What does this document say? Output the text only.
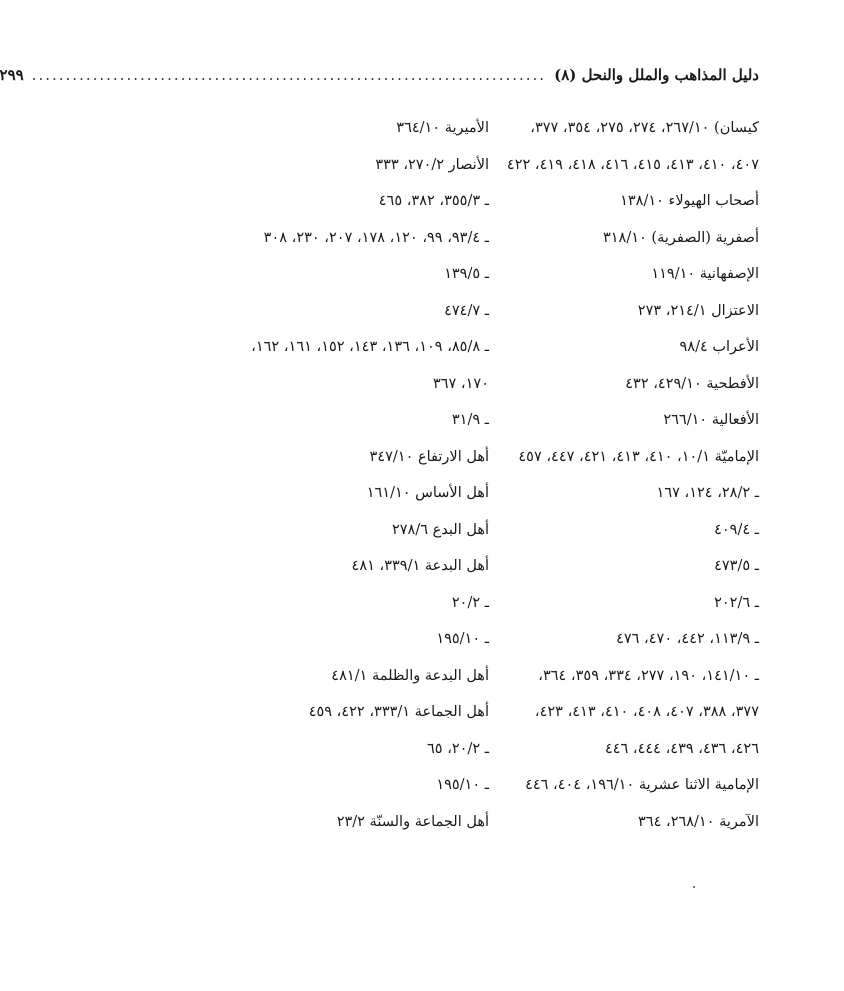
دليل المذاهب والملل والنحل (٨)
............................................................................
٢٩٩
كيسان) ٢٦٧/١٠، ٢٧٤، ٢٧٥، ٣٥٤، ٣٧٧،
٤٠٧، ٤١٠، ٤١٣، ٤١٥، ٤١٦، ٤١٨، ٤١٩، ٤٢٢
أصحاب الهيولاء ١٣٨/١٠
أصفرية (الصفرية) ٣١٨/١٠
الإصفهانية ١١٩/١٠
الاعتزال ٢١٤/١، ٢٧٣
الأعراب ٩٨/٤
الأفطحية ٤٢٩/١٠، ٤٣٢
الأفعالية ٢٦٦/١٠
الإماميّة ١٠/١، ٤١٠، ٤١٣، ٤٢١، ٤٤٧، ٤٥٧
ـ ٢٨/٢، ١٢٤، ١٦٧
ـ ٤٠٩/٤
ـ ٤٧٣/٥
ـ ٢٠٢/٦
ـ ١١٣/٩، ٤٤٢، ٤٧٠، ٤٧٦
ـ ١٤١/١٠، ١٩٠، ٢٧٧، ٣٣٤، ٣٥٩، ٣٦٤،
٣٧٧، ٣٨٨، ٤٠٧، ٤٠٨، ٤١٠، ٤١٣، ٤٢٣،
٤٢٦، ٤٣٦، ٤٣٩، ٤٤٤، ٤٤٦
الإمامية الاثنا عشرية ١٩٦/١٠، ٤٠٤، ٤٤٦
الآمرية ٢٦٨/١٠، ٣٦٤
الأميرية ٣٦٤/١٠
الأنصار ٢٧٠/٢، ٣٣٣
ـ ٣٥٥/٣، ٣٨٢، ٤٦٥
ـ ٩٣/٤، ٩٩، ١٢٠، ١٧٨، ٢٠٧، ٢٣٠، ٣٠٨
ـ ١٣٩/٥
ـ ٤٧٤/٧
ـ ٨٥/٨، ١٠٩، ١٣٦، ١٤٣، ١٥٢، ١٦١، ١٦٢،
١٧٠، ٣٦٧
ـ ٣١/٩
أهل الارتفاع ٣٤٧/١٠
أهل الأساس ١٦١/١٠
أهل البدع ٢٧٨/٦
أهل البدعة ٣٣٩/١، ٤٨١
ـ ٢٠/٢
ـ ١٩٥/١٠
أهل البدعة والظلمة ٤٨١/١
أهل الجماعة ٣٣٣/١، ٤٢٢، ٤٥٩
ـ ٢٠/٢، ٦٥
ـ ١٩٥/١٠
أهل الجماعة والسنّة ٢٣/٢
